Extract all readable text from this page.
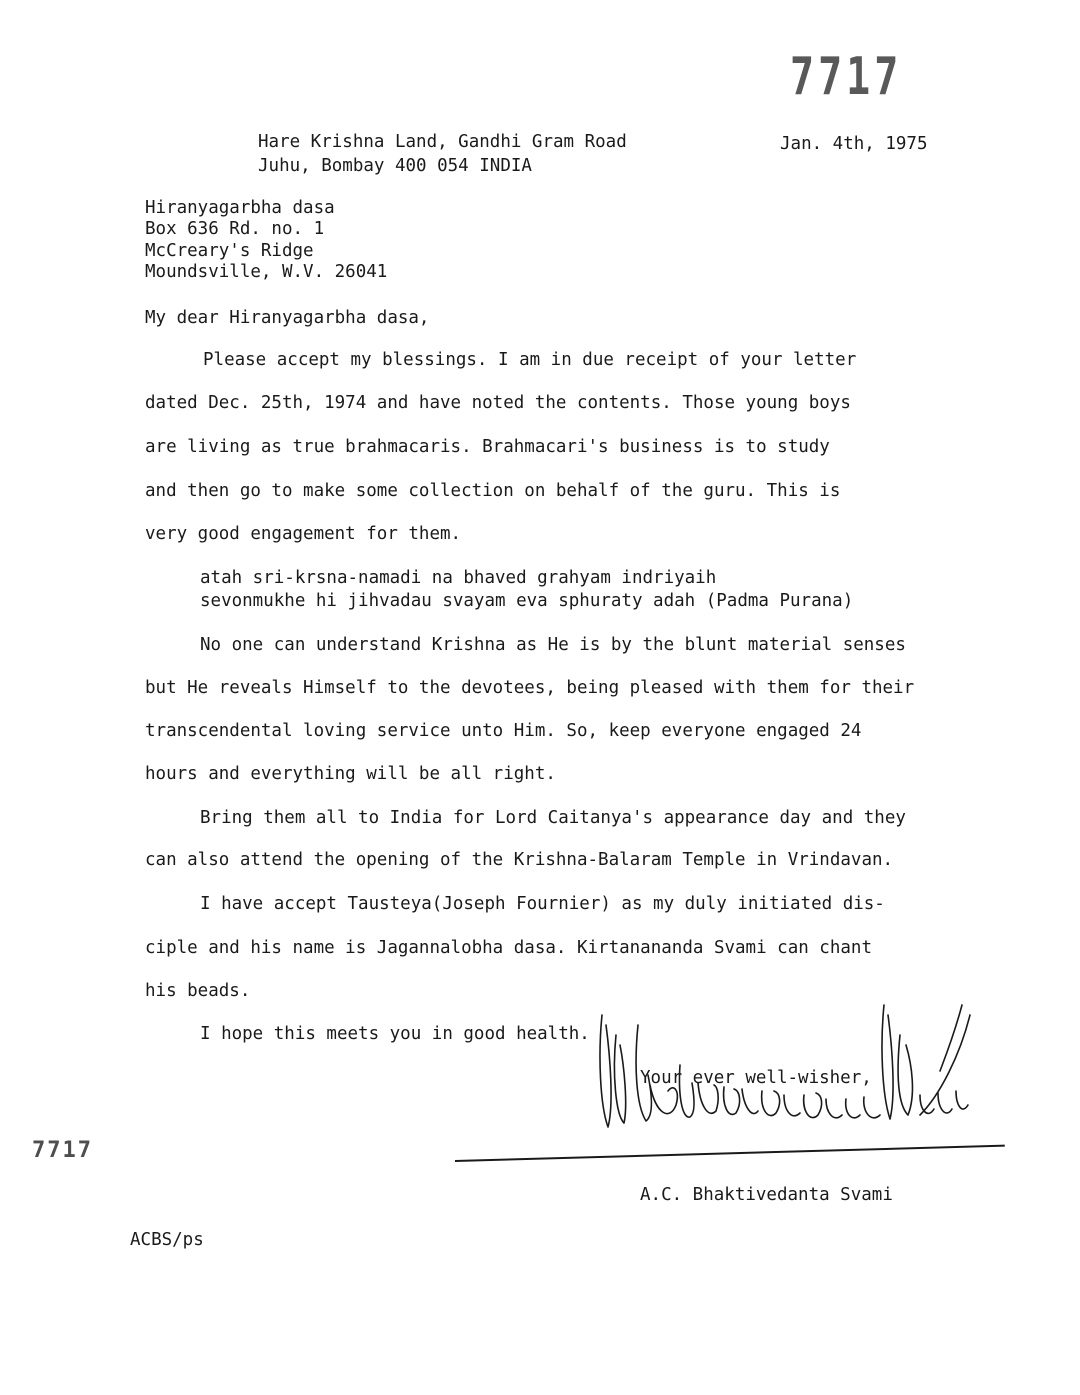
7717
Hare Krishna Land, Gandhi Gram Road
Juhu, Bombay 400 054 INDIA
Jan. 4th, 1975
Hiranyagarbha dasa
Box 636 Rd. no. 1
McCreary's Ridge
Moundsville, W.V. 26041
My dear Hiranyagarbha dasa,
Please accept my blessings. I am in due receipt of your letter
dated Dec. 25th, 1974 and have noted the contents. Those young boys
are living as true brahmacaris. Brahmacari's business is to study
and then go to make some collection on behalf of the guru. This is
very good engagement for them.
atah sri-krsna-namadi na bhaved grahyam indriyaih
sevonmukhe hi jihvadau svayam eva sphuraty adah (Padma Purana)
No one can understand Krishna as He is by the blunt material senses
but He reveals Himself to the devotees, being pleased with them for their
transcendental loving service unto Him. So, keep everyone engaged 24
hours and everything will be all right.
Bring them all to India for Lord Caitanya's appearance day and they
can also attend the opening of the Krishna-Balaram Temple in Vrindavan.
I have accept Tausteya(Joseph Fournier) as my duly initiated dis-
ciple and his name is Jagannalobha dasa. Kirtanananda Svami can chant
his beads.
I hope this meets you in good health.
Your ever well-wisher,
7717
A.C. Bhaktivedanta Svami
ACBS/ps
